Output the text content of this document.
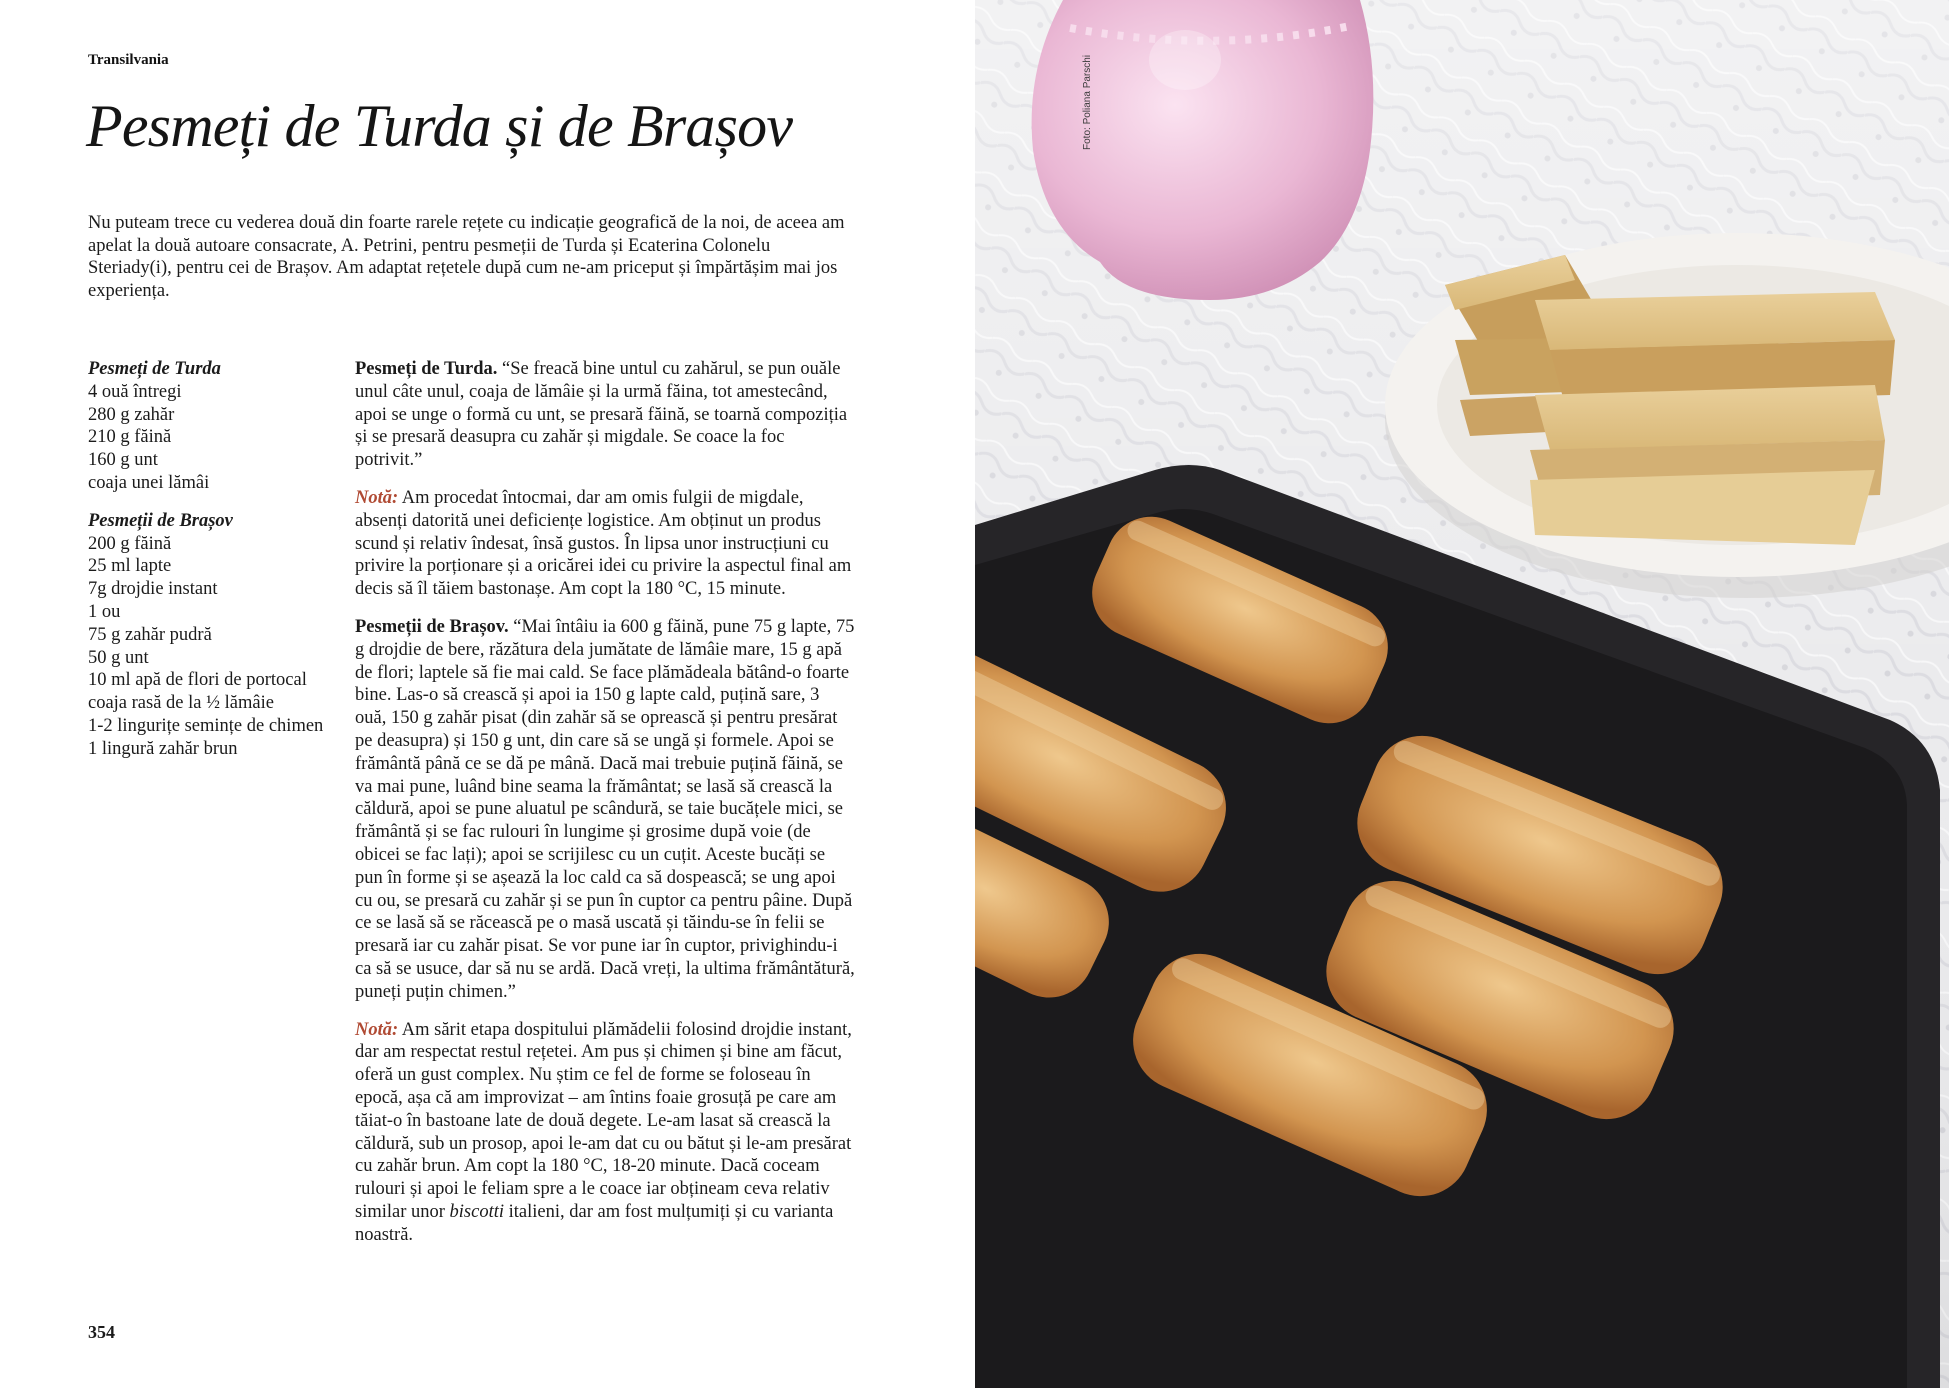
Transilvania

Pesmeți de Turda și de Brașov

Nu puteam trece cu vederea două din foarte rarele rețete cu indicație geografică de la noi, de aceea am apelat la două autoare consacrate, A. Petrini, pentru pesmeții de Turda și Ecaterina Colonelu Steriady(i), pentru cei de Brașov. Am adaptat rețetele după cum ne-am priceput și împărtășim mai jos experiența.

Pesmeți de Turda

4 ouă întregi
280 g zahăr
210 g făină
160 g unt
coaja unei lămâi

Pesmeții de Brașov

200 g făină
25 ml lapte
7g drojdie instant
1 ou
75 g zahăr pudră
50 g unt
10 ml apă de flori de portocal
coaja rasă de la ½ lămâie
1-2 lingurițe semințe de chimen
1 lingură zahăr brun

Pesmeți de Turda. “Se freacă bine untul cu zahărul, se pun ouăle unul câte unul, coaja de lămâie și la urmă făina, tot amestecând, apoi se unge o formă cu unt, se presară făină, se toarnă compoziția și se presară deasupra cu zahăr și migdale. Se coace la foc potrivit.”

Notă: Am procedat întocmai, dar am omis fulgii de migdale, absenți datorită unei deficiențe logistice. Am obținut un produs scund și relativ îndesat, însă gustos. În lipsa unor instrucțiuni cu privire la porționare și a oricărei idei cu privire la aspectul final am decis să îl tăiem bastonașe. Am copt la 180 °C, 15 minute.

Pesmeții de Brașov. “Mai întâiu ia 600 g făină, pune 75 g lapte, 75 g drojdie de bere, răzătura dela jumătate de lămâie mare, 15 g apă de flori; laptele să fie mai cald. Se face plămădeala bătând-o foarte bine. Las-o să crească și apoi ia 150 g lapte cald, puțină sare, 3 ouă, 150 g zahăr pisat (din zahăr să se oprească și pentru presărat pe deasupra) și 150 g unt, din care să se ungă și formele. Apoi se frământă până ce se dă pe mână. Dacă mai trebuie puțină făină, se va mai pune, luând bine seama la frământat; se lasă să crească la căldură, apoi se pune aluatul pe scândură, se taie bucățele mici, se frământă și se fac rulouri în lungime și grosime după voie (de obicei se fac lați); apoi se scrijilesc cu un cuțit. Aceste bucăți se pun în forme și se așează la loc cald ca să dospească; se ung apoi cu ou, se presară cu zahăr și se pun în cuptor ca pentru pâine. După ce se lasă să se răcească pe o masă uscată și tăindu-se în felii se presară iar cu zahăr pisat. Se vor pune iar în cuptor, privighindu-i ca să se usuce, dar să nu se ardă. Dacă vreți, la ultima frământătură, puneți puțin chimen.”

Notă: Am sărit etapa dospitului plămădelii folosind drojdie instant, dar am respectat restul rețetei. Am pus și chimen și bine am făcut, oferă un gust complex. Nu știm ce fel de forme se foloseau în epocă, așa că am improvizat – am întins foaie grosuță pe care am tăiat-o în bastoane late de două degete. Le-am lasat să crească la căldură, sub un prosop, apoi le-am dat cu ou bătut și le-am presărat cu zahăr brun. Am copt la 180 °C, 18-20 minute. Dacă coceam rulouri și apoi le feliam spre a le coace iar obțineam ceva relativ similar unor biscotti italieni, dar am fost mulțumiți și cu varianta noastră.

354

Foto: Poliana Parschi
